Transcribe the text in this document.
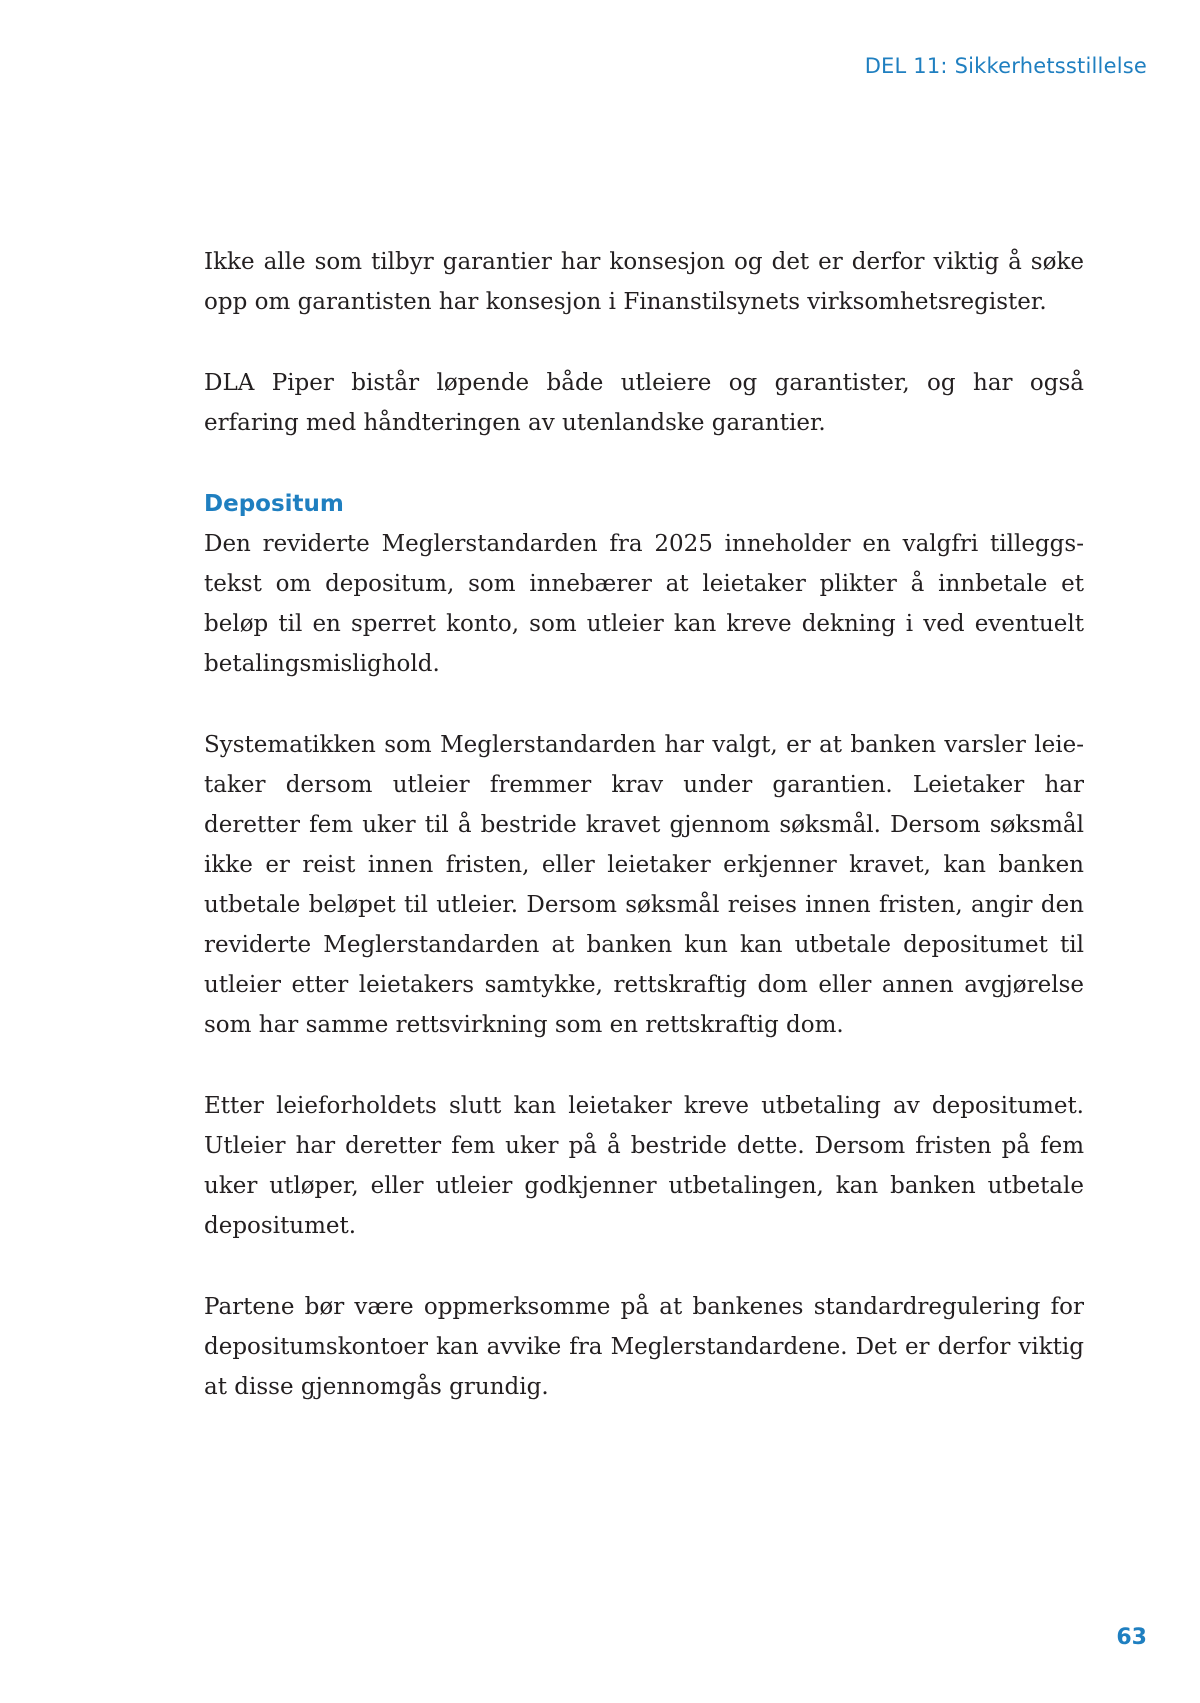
DEL 11: Sikkerhetsstillelse

Ikke alle som tilbyr garantier har konsesjon og det er derfor viktig å søke opp om garantisten har konsesjon i Finanstilsynets virksomhetsregister.

DLA Piper bistår løpende både utleiere og garantister, og har også erfaring med håndteringen av utenlandske garantier.

Depositum

Den reviderte Meglerstandarden fra 2025 inneholder en valgfri tilleggstekst om depositum, som innebærer at leietaker plikter å innbetale et beløp til en sperret konto, som utleier kan kreve dekning i ved eventuelt betalingsmislighold.

Systematikken som Meglerstandarden har valgt, er at banken varsler leietaker dersom utleier fremmer krav under garantien. Leietaker har deretter fem uker til å bestride kravet gjennom søksmål. Dersom søksmål ikke er reist innen fristen, eller leietaker erkjenner kravet, kan banken utbetale beløpet til utleier. Dersom søksmål reises innen fristen, angir den reviderte Meglerstandarden at banken kun kan utbetale depositumet til utleier etter leietakers samtykke, rettskraftig dom eller annen avgjørelse som har samme rettsvirkning som en rettskraftig dom.

Etter leieforholdets slutt kan leietaker kreve utbetaling av depositumet. Utleier har deretter fem uker på å bestride dette. Dersom fristen på fem uker utløper, eller utleier godkjenner utbetalingen, kan banken utbetale depositumet.

Partene bør være oppmerksomme på at bankenes standardregulering for depositumskontoer kan avvike fra Meglerstandardene. Det er derfor viktig at disse gjennomgås grundig.

63
